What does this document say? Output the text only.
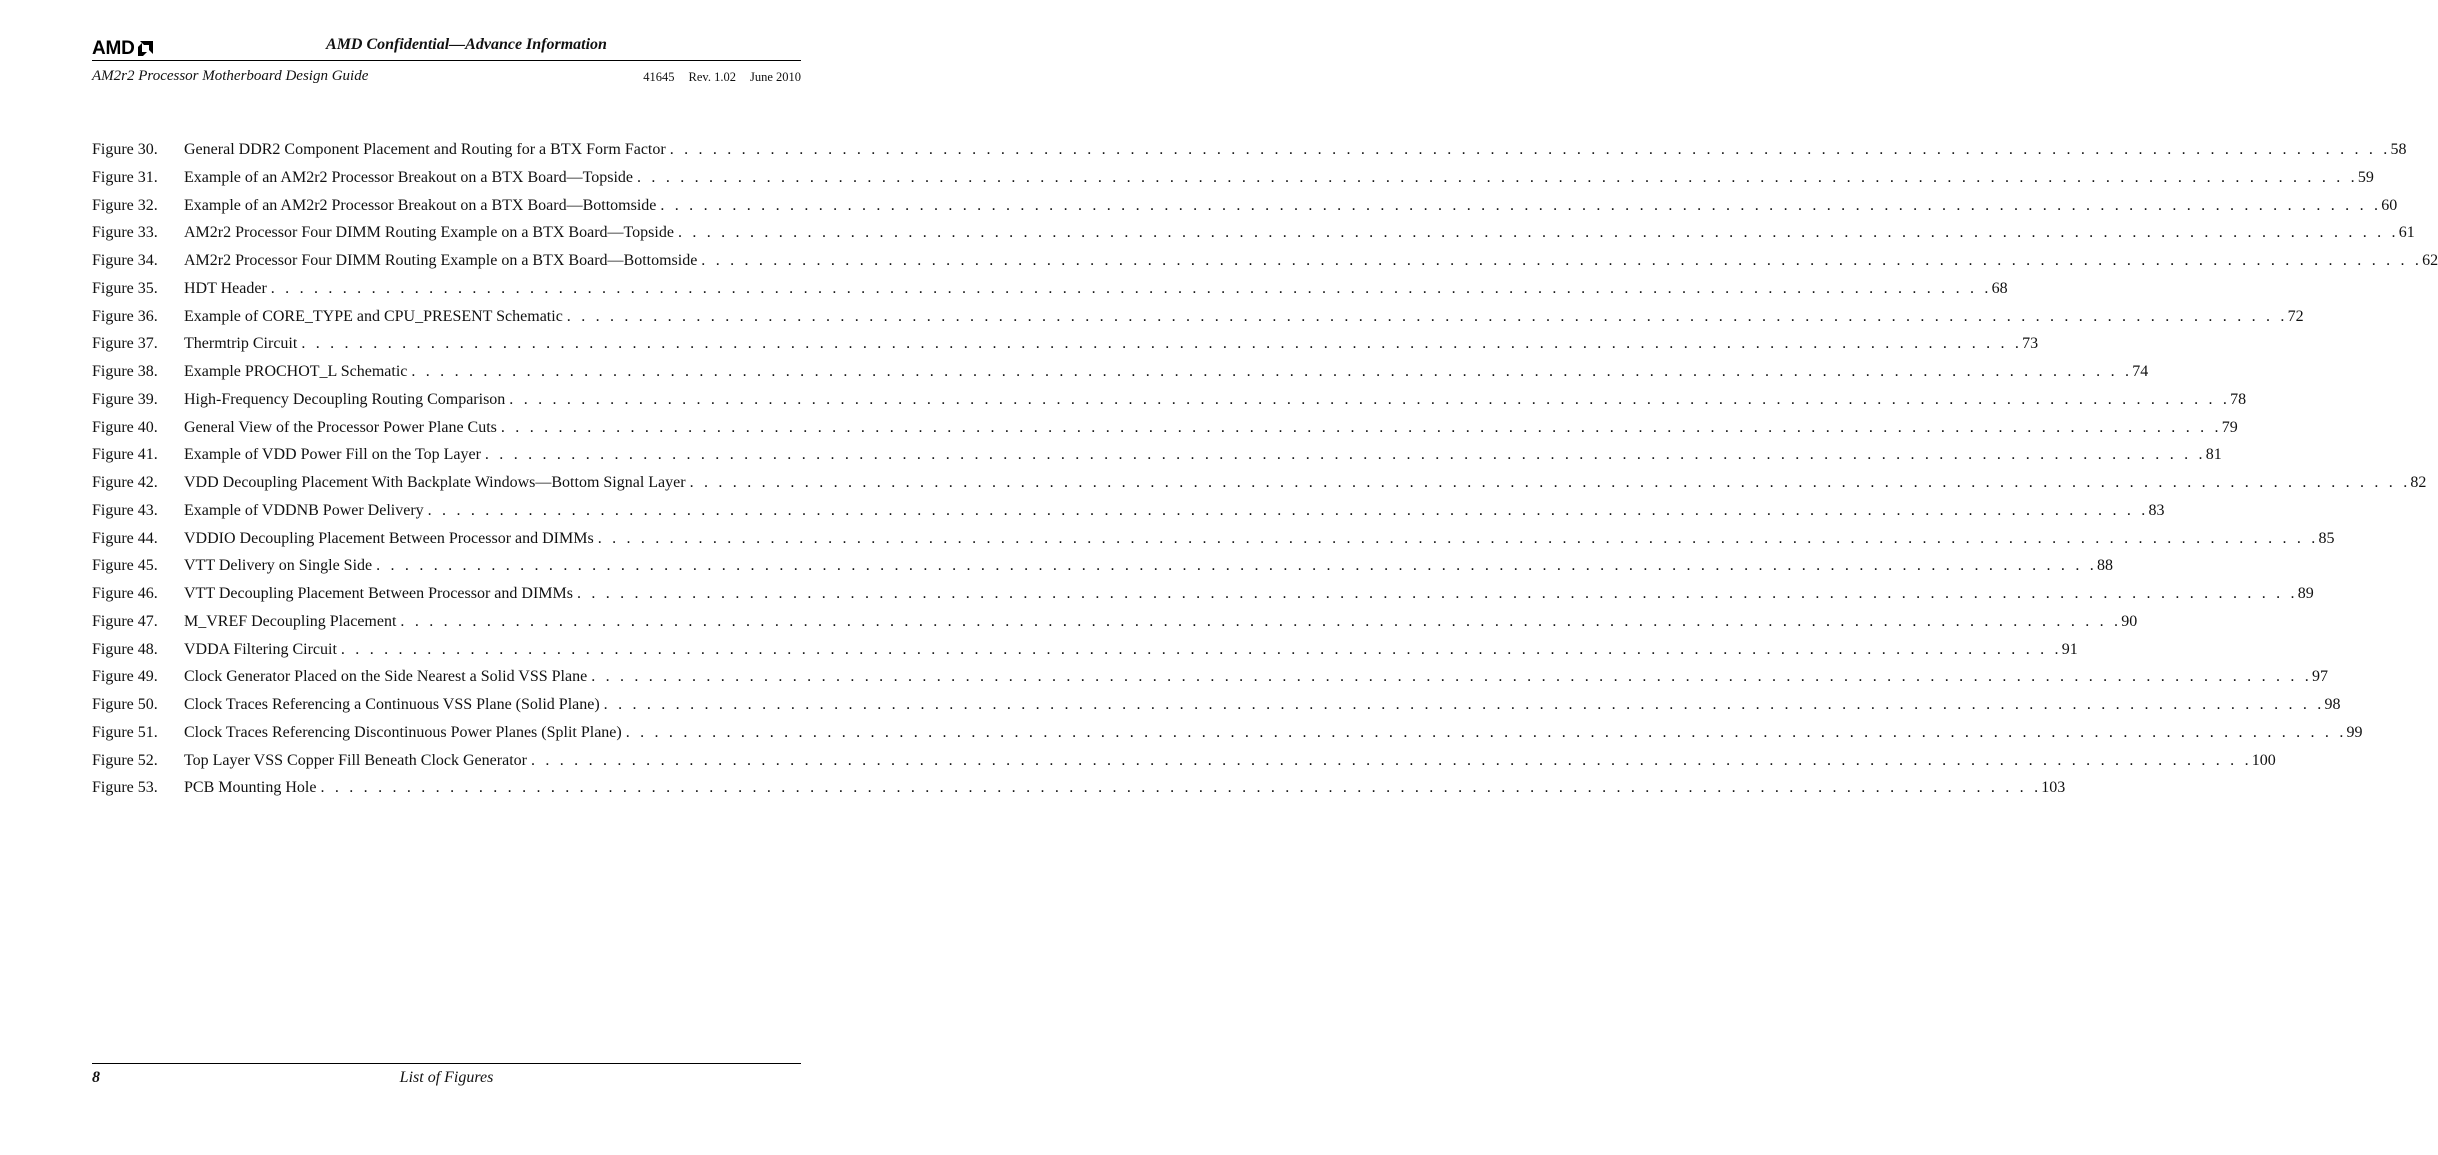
AMD	AMD Confidential—Advance Information
AM2r2 Processor Motherboard Design Guide	41645 Rev. 1.02 June 2010
Figure 30.	General DDR2 Component Placement and Routing for a BTX Form Factor . . . . . . . . . . . . . . . . . . . . . . . . . . . . . . . . . . . . . . . . . . . . . . . . . . . . . . . . . . . . . . . . . . . . . . . . . . . . . . . . . . . . . . . . . . . . . . . . . . . . . . . . . . . . . . . . . . . . . . . . 58
Figure 31.	Example of an AM2r2 Processor Breakout on a BTX Board—Topside . . . . . . . . . . . . . . . . . . . . . . . . . . . . . . . . . . . . . . . . . . . . . . . . . . . . . . . . . . . . . . . . . . . . . . . . . . . . . . . . . . . . . . . . . . . . . . . . . . . . . . . . . . . . . . . . . . . . . . . . 59
Figure 32.	Example of an AM2r2 Processor Breakout on a BTX Board—Bottomside . . . . . . . . . . . . . . . . . . . . . . . . . . . . . . . . . . . . . . . . . . . . . . . . . . . . . . . . . . . . . . . . . . . . . . . . . . . . . . . . . . . . . . . . . . . . . . . . . . . . . . . . . . . . . . . . . . . . . . . . 60
Figure 33.	AM2r2 Processor Four DIMM Routing Example on a BTX Board—Topside . . . . . . . . . . . . . . . . . . . . . . . . . . . . . . . . . . . . . . . . . . . . . . . . . . . . . . . . . . . . . . . . . . . . . . . . . . . . . . . . . . . . . . . . . . . . . . . . . . . . . . . . . . . . . . . . . . . . . . . . 61
Figure 34.	AM2r2 Processor Four DIMM Routing Example on a BTX Board—Bottomside . . . . . . . . . . . . . . . . . . . . . . . . . . . . . . . . . . . . . . . . . . . . . . . . . . . . . . . . . . . . . . . . . . . . . . . . . . . . . . . . . . . . . . . . . . . . . . . . . . . . . . . . . . . . . . . . . . . . . . . . 62
Figure 35.	HDT Header . . . . . . . . . . . . . . . . . . . . . . . . . . . . . . . . . . . . . . . . . . . . . . . . . . . . . . . . . . . . . . . . . . . . . . . . . . . . . . . . . . . . . . . . . . . . . . . . . . . . . . . . . . . . . . . . . . . . . . . . 68
Figure 36.	Example of CORE_TYPE and CPU_PRESENT Schematic . . . . . . . . . . . . . . . . . . . . . . . . . . . . . . . . . . . . . . . . . . . . . . . . . . . . . . . . . . . . . . . . . . . . . . . . . . . . . . . . . . . . . . . . . . . . . . . . . . . . . . . . . . . . . . . . . . . . . . . . 72
Figure 37.	Thermtrip Circuit . . . . . . . . . . . . . . . . . . . . . . . . . . . . . . . . . . . . . . . . . . . . . . . . . . . . . . . . . . . . . . . . . . . . . . . . . . . . . . . . . . . . . . . . . . . . . . . . . . . . . . . . . . . . . . . . . . . . . . . . 73
Figure 38.	Example PROCHOT_L Schematic . . . . . . . . . . . . . . . . . . . . . . . . . . . . . . . . . . . . . . . . . . . . . . . . . . . . . . . . . . . . . . . . . . . . . . . . . . . . . . . . . . . . . . . . . . . . . . . . . . . . . . . . . . . . . . . . . . . . . . . . 74
Figure 39.	High-Frequency Decoupling Routing Comparison . . . . . . . . . . . . . . . . . . . . . . . . . . . . . . . . . . . . . . . . . . . . . . . . . . . . . . . . . . . . . . . . . . . . . . . . . . . . . . . . . . . . . . . . . . . . . . . . . . . . . . . . . . . . . . . . . . . . . . . . 78
Figure 40.	General View of the Processor Power Plane Cuts . . . . . . . . . . . . . . . . . . . . . . . . . . . . . . . . . . . . . . . . . . . . . . . . . . . . . . . . . . . . . . . . . . . . . . . . . . . . . . . . . . . . . . . . . . . . . . . . . . . . . . . . . . . . . . . . . . . . . . . . 79
Figure 41.	Example of VDD Power Fill on the Top Layer . . . . . . . . . . . . . . . . . . . . . . . . . . . . . . . . . . . . . . . . . . . . . . . . . . . . . . . . . . . . . . . . . . . . . . . . . . . . . . . . . . . . . . . . . . . . . . . . . . . . . . . . . . . . . . . . . . . . . . . . 81
Figure 42.	VDD Decoupling Placement With Backplate Windows—Bottom Signal Layer . . . . . . . . . . . . . . . . . . . . . . . . . . . . . . . . . . . . . . . . . . . . . . . . . . . . . . . . . . . . . . . . . . . . . . . . . . . . . . . . . . . . . . . . . . . . . . . . . . . . . . . . . . . . . . . . . . . . . . . . 82
Figure 43.	Example of VDDNB Power Delivery . . . . . . . . . . . . . . . . . . . . . . . . . . . . . . . . . . . . . . . . . . . . . . . . . . . . . . . . . . . . . . . . . . . . . . . . . . . . . . . . . . . . . . . . . . . . . . . . . . . . . . . . . . . . . . . . . . . . . . . . 83
Figure 44.	VDDIO Decoupling Placement Between Processor and DIMMs . . . . . . . . . . . . . . . . . . . . . . . . . . . . . . . . . . . . . . . . . . . . . . . . . . . . . . . . . . . . . . . . . . . . . . . . . . . . . . . . . . . . . . . . . . . . . . . . . . . . . . . . . . . . . . . . . . . . . . . . 85
Figure 45.	VTT Delivery on Single Side . . . . . . . . . . . . . . . . . . . . . . . . . . . . . . . . . . . . . . . . . . . . . . . . . . . . . . . . . . . . . . . . . . . . . . . . . . . . . . . . . . . . . . . . . . . . . . . . . . . . . . . . . . . . . . . . . . . . . . . . 88
Figure 46.	VTT Decoupling Placement Between Processor and DIMMs . . . . . . . . . . . . . . . . . . . . . . . . . . . . . . . . . . . . . . . . . . . . . . . . . . . . . . . . . . . . . . . . . . . . . . . . . . . . . . . . . . . . . . . . . . . . . . . . . . . . . . . . . . . . . . . . . . . . . . . . 89
Figure 47.	M_VREF Decoupling Placement . . . . . . . . . . . . . . . . . . . . . . . . . . . . . . . . . . . . . . . . . . . . . . . . . . . . . . . . . . . . . . . . . . . . . . . . . . . . . . . . . . . . . . . . . . . . . . . . . . . . . . . . . . . . . . . . . . . . . . . . 90
Figure 48.	VDDA Filtering Circuit . . . . . . . . . . . . . . . . . . . . . . . . . . . . . . . . . . . . . . . . . . . . . . . . . . . . . . . . . . . . . . . . . . . . . . . . . . . . . . . . . . . . . . . . . . . . . . . . . . . . . . . . . . . . . . . . . . . . . . . . 91
Figure 49.	Clock Generator Placed on the Side Nearest a Solid VSS Plane . . . . . . . . . . . . . . . . . . . . . . . . . . . . . . . . . . . . . . . . . . . . . . . . . . . . . . . . . . . . . . . . . . . . . . . . . . . . . . . . . . . . . . . . . . . . . . . . . . . . . . . . . . . . . . . . . . . . . . . . 97
Figure 50.	Clock Traces Referencing a Continuous VSS Plane (Solid Plane) . . . . . . . . . . . . . . . . . . . . . . . . . . . . . . . . . . . . . . . . . . . . . . . . . . . . . . . . . . . . . . . . . . . . . . . . . . . . . . . . . . . . . . . . . . . . . . . . . . . . . . . . . . . . . . . . . . . . . . . . 98
Figure 51.	Clock Traces Referencing Discontinuous Power Planes (Split Plane) . . . . . . . . . . . . . . . . . . . . . . . . . . . . . . . . . . . . . . . . . . . . . . . . . . . . . . . . . . . . . . . . . . . . . . . . . . . . . . . . . . . . . . . . . . . . . . . . . . . . . . . . . . . . . . . . . . . . . . . . 99
Figure 52.	Top Layer VSS Copper Fill Beneath Clock Generator . . . . . . . . . . . . . . . . . . . . . . . . . . . . . . . . . . . . . . . . . . . . . . . . . . . . . . . . . . . . . . . . . . . . . . . . . . . . . . . . . . . . . . . . . . . . . . . . . . . . . . . . . . . . . . . . . . . . . . . . 100
Figure 53.	PCB Mounting Hole . . . . . . . . . . . . . . . . . . . . . . . . . . . . . . . . . . . . . . . . . . . . . . . . . . . . . . . . . . . . . . . . . . . . . . . . . . . . . . . . . . . . . . . . . . . . . . . . . . . . . . . . . . . . . . . . . . . . . . . . 103
8	List of Figures
